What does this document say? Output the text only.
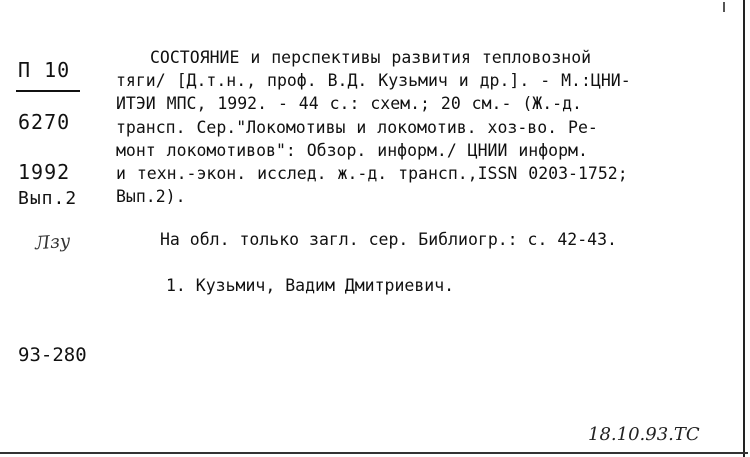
П 10
6270
1992
Вып.2
Лзу

СОСТОЯНИЕ и перспективы развития тепловозной

тяги/ [Д.т.н., проф. В.Д. Кузьмич и др.]. - М.:ЦНИ-

ИТЭИ МПС, 1992. - 44 с.: схем.; 20 см.- (Ж.-д.

трансп. Сер."Локомотивы и локомотив. хоз-во. Ре-

монт локомотивов": Обзор. информ./ ЦНИИ информ.

и техн.-экон. исслед. ж.-д. трансп.,ISSN 0203-1752;

Вып.2).

На обл. только загл. сер. Библиогр.: с. 42-43.
1. Кузьмич, Вадим Дмитриевич.
93-280
18.10.93.ТС
